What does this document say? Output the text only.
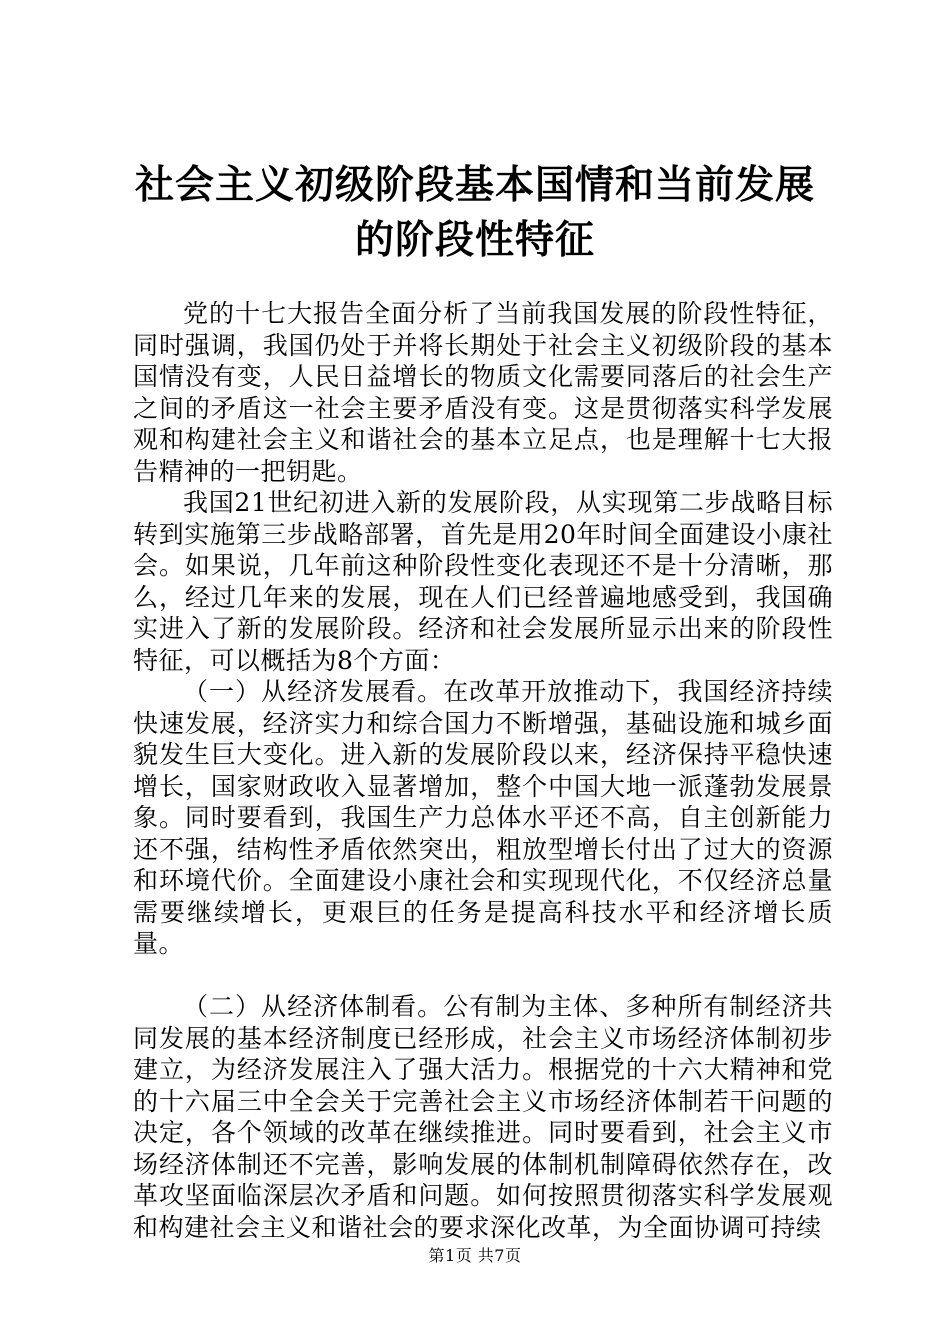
社会主义初级阶段基本国情和当前发展的阶段性特征

党的十七大报告全面分析了当前我国发展的阶段性特征，同时强调，我国仍处于并将长期处于社会主义初级阶段的基本国情没有变，人民日益增长的物质文化需要同落后的社会生产之间的矛盾这一社会主要矛盾没有变。这是贯彻落实科学发展观和构建社会主义和谐社会的基本立足点，也是理解十七大报告精神的一把钥匙。

我国21世纪初进入新的发展阶段，从实现第二步战略目标转到实施第三步战略部署，首先是用20年时间全面建设小康社会。如果说，几年前这种阶段性变化表现还不是十分清晰，那么，经过几年来的发展，现在人们已经普遍地感受到，我国确实进入了新的发展阶段。经济和社会发展所显示出来的阶段性特征，可以概括为8个方面：

（一）从经济发展看。在改革开放推动下，我国经济持续快速发展，经济实力和综合国力不断增强，基础设施和城乡面貌发生巨大变化。进入新的发展阶段以来，经济保持平稳快速增长，国家财政收入显著增加，整个中国大地一派蓬勃发展景象。同时要看到，我国生产力总体水平还不高，自主创新能力还不强，结构性矛盾依然突出，粗放型增长付出了过大的资源和环境代价。全面建设小康社会和实现现代化，不仅经济总量需要继续增长，更艰巨的任务是提高科技水平和经济增长质量。

（二）从经济体制看。公有制为主体、多种所有制经济共同发展的基本经济制度已经形成，社会主义市场经济体制初步建立，为经济发展注入了强大活力。根据党的十六大精神和党的十六届三中全会关于完善社会主义市场经济体制若干问题的决定，各个领域的改革在继续推进。同时要看到，社会主义市场经济体制还不完善，影响发展的体制机制障碍依然存在，改革攻坚面临深层次矛盾和问题。如何按照贯彻落实科学发展观和构建社会主义和谐社会的要求深化改革，为全面协调可持续

第1页 共7页
